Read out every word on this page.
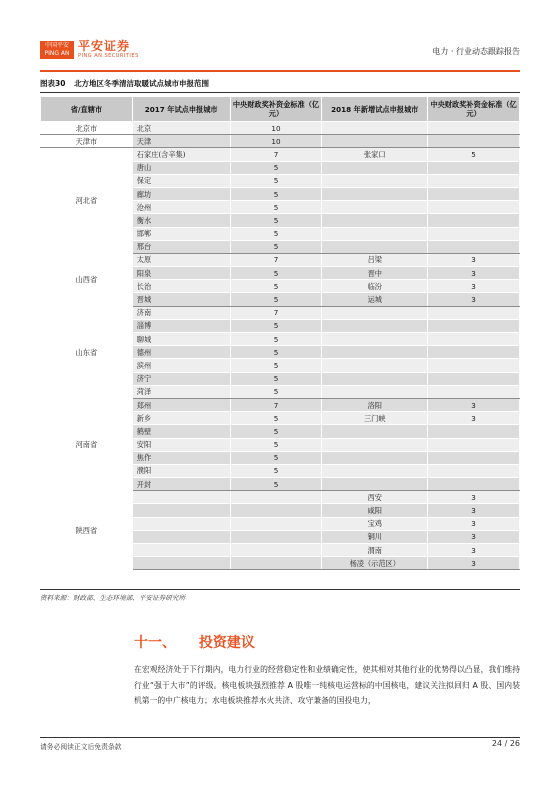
中国平安
PING AN 平安证券
PING AN SECURITIES	电力 · 行业动态跟踪报告
图表30 北方地区冬季清洁取暖试点城市申报范围
省/直辖市	2017 年试点申报城市	中央财政奖补资金标准（亿元）	2018 年新增试点申报城市	中央财政奖补资金标准（亿元）
北京市	北京	10		
天津市	天津	10		
河北省	石家庄(含辛集)	7	张家口	5
	唐山	5		
	保定	5		
	廊坊	5		
	沧州	5		
	衡水	5		
	邯郸	5		
	邢台	5		
山西省	太原	7	吕梁	3
	阳泉	5	晋中	3
	长治	5	临汾	3
	晋城	5	运城	3
山东省	济南	7		
	淄博	5		
	聊城	5		
	德州	5		
	滨州	5		
	济宁	5		
	菏泽	5		
河南省	郑州	7	洛阳	3
	新乡	5	三门峡	3
	鹤壁	5		
	安阳	5		
	焦作	5		
	濮阳	5		
	开封	5		
陕西省			西安	3
			咸阳	3
			宝鸡	3
			铜川	3
			渭南	3
			杨凌（示范区）	3
资料来源：财政部、生态环境部、平安证券研究所
十一、 投资建议
在宏观经济处于下行期内，电力行业的经营稳定性和业绩确定性，使其相对其他行业的优势得以凸显，我们维持行业“强于大市”的评级。核电板块强烈推荐 A 股唯一纯核电运营标的中国核电，建议关注拟回归 A 股、国内装机第一的中广核电力；水电板块推荐水火共济、攻守兼备的国投电力，
请务必阅读正文后免责条款	24 / 26
